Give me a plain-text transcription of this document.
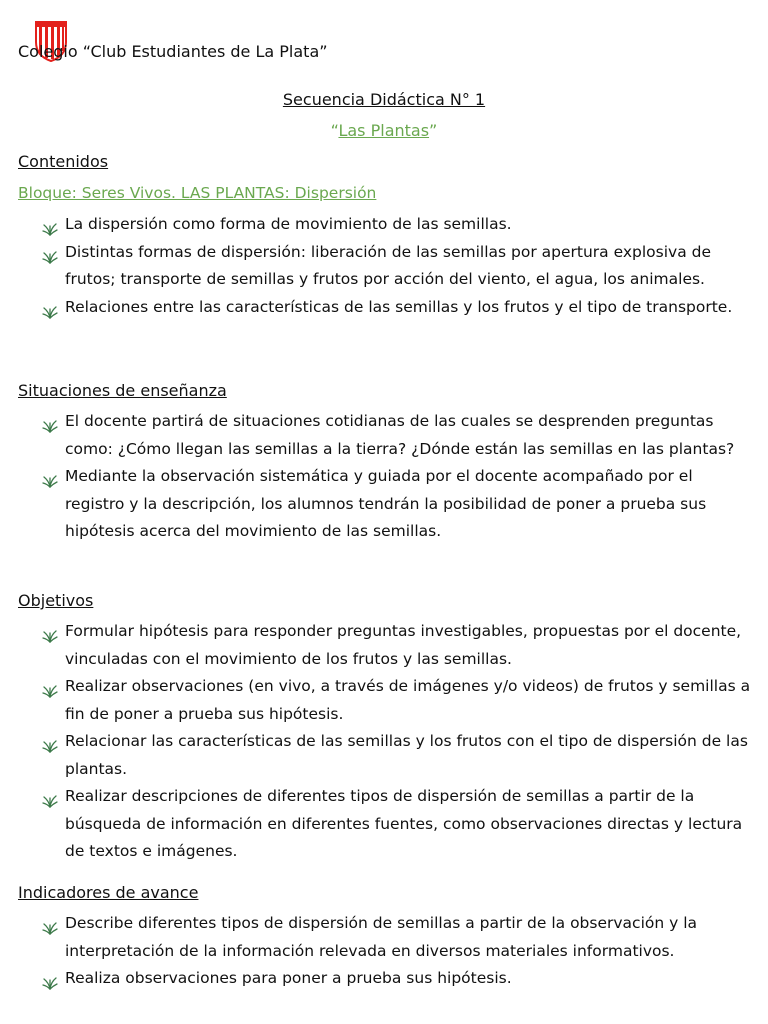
Colegio “Club Estudiantes de La Plata”
Secuencia Didáctica N° 1
“Las Plantas”
Contenidos
Bloque: Seres Vivos. LAS PLANTAS: Dispersión
La dispersión como forma de movimiento de las semillas.
Distintas formas de dispersión: liberación de las semillas por apertura explosiva de frutos; transporte de semillas y frutos por acción del viento, el agua, los animales.
Relaciones entre las características de las semillas y los frutos y el tipo de transporte.
Situaciones de enseñanza
El docente partirá de situaciones cotidianas de las cuales se desprenden preguntas como: ¿Cómo llegan las semillas a la tierra? ¿Dónde están las semillas en las plantas?
Mediante la observación sistemática y guiada por el docente acompañado por el registro y la descripción, los alumnos tendrán la posibilidad de poner a prueba sus hipótesis acerca del movimiento de las semillas.
Objetivos
Formular hipótesis para responder preguntas investigables, propuestas por el docente, vinculadas con el movimiento de los frutos y las semillas.
Realizar observaciones (en vivo, a través de imágenes y/o videos) de frutos y semillas a fin de poner a prueba sus hipótesis.
Relacionar las características de las semillas y los frutos con el tipo de dispersión de las plantas.
Realizar descripciones de diferentes tipos de dispersión de semillas a partir de la búsqueda de información en diferentes fuentes, como observaciones directas y lectura de textos e imágenes.
Indicadores de avance
Describe diferentes tipos de dispersión de semillas a partir de la observación y la interpretación de la información relevada en diversos materiales informativos.
Realiza observaciones para poner a prueba sus hipótesis.
